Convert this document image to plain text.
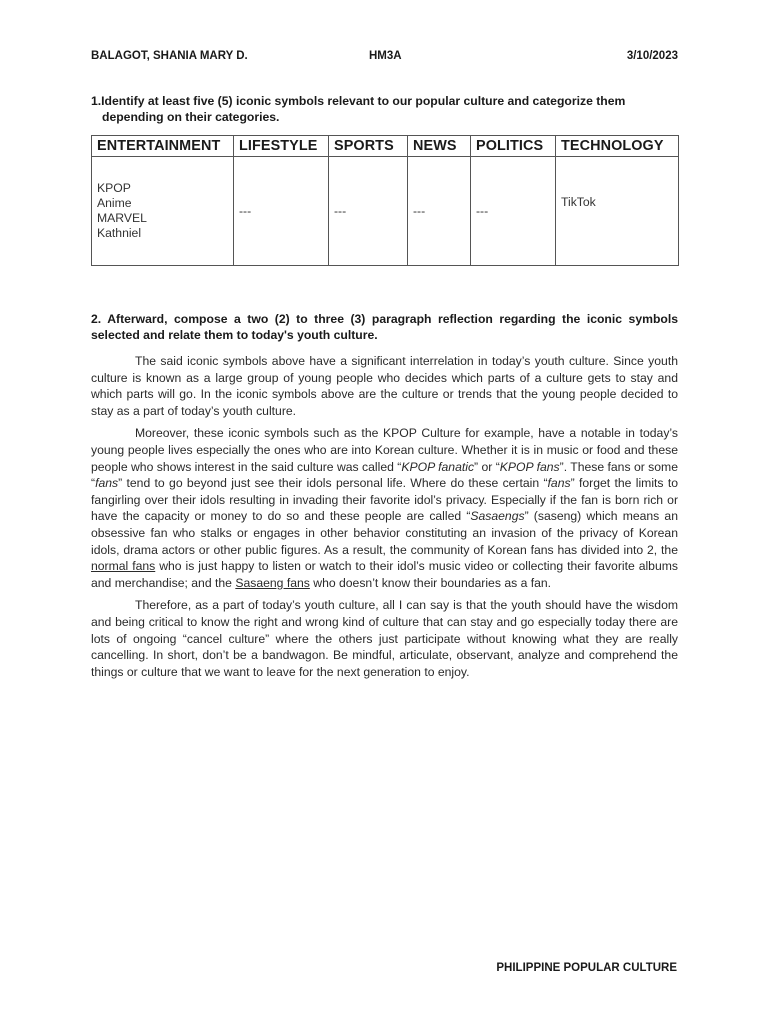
BALAGOT, SHANIA MARY D.	HM3A	3/10/2023
1.Identify at least five (5) iconic symbols relevant to our popular culture and categorize them
depending on their categories.
ENTERTAINMENT	LIFESTYLE	SPORTS	NEWS	POLITICS	TECHNOLOGY

KPOP
Anime
MARVEL
Kathniel	---	---	---	---	TikTok
2. Afterward, compose a two (2) to three (3) paragraph reflection regarding the iconic symbols selected and relate them to today's youth culture.

The said iconic symbols above have a significant interrelation in today’s youth culture. Since youth culture is known as a large group of young people who decides which parts of a culture gets to stay and which parts will go. In the iconic symbols above are the culture or trends that the young people decided to stay as a part of today’s youth culture.

Moreover, these iconic symbols such as the KPOP Culture for example, have a notable in today’s young people lives especially the ones who are into Korean culture. Whether it is in music or food and these people who shows interest in the said culture was called “KPOP fanatic” or “KPOP fans”. These fans or some “fans” tend to go beyond just see their idols personal life. Where do these certain “fans” forget the limits to fangirling over their idols resulting in invading their favorite idol’s privacy. Especially if the fan is born rich or have the capacity or money to do so and these people are called “Sasaengs” (saseng) which means an obsessive fan who stalks or engages in other behavior constituting an invasion of the privacy of Korean idols, drama actors or other public figures. As a result, the community of Korean fans has divided into 2, the normal fans who is just happy to listen or watch to their idol’s music video or collecting their favorite albums and merchandise; and the Sasaeng fans who doesn’t know their boundaries as a fan.

Therefore, as a part of today’s youth culture, all I can say is that the youth should have the wisdom and being critical to know the right and wrong kind of culture that can stay and go especially today there are lots of ongoing “cancel culture” where the others just participate without knowing what they are really cancelling. In short, don’t be a bandwagon. Be mindful, articulate, observant, analyze and comprehend the things or culture that we want to leave for the next generation to enjoy.

PHILIPPINE POPULAR CULTURE
